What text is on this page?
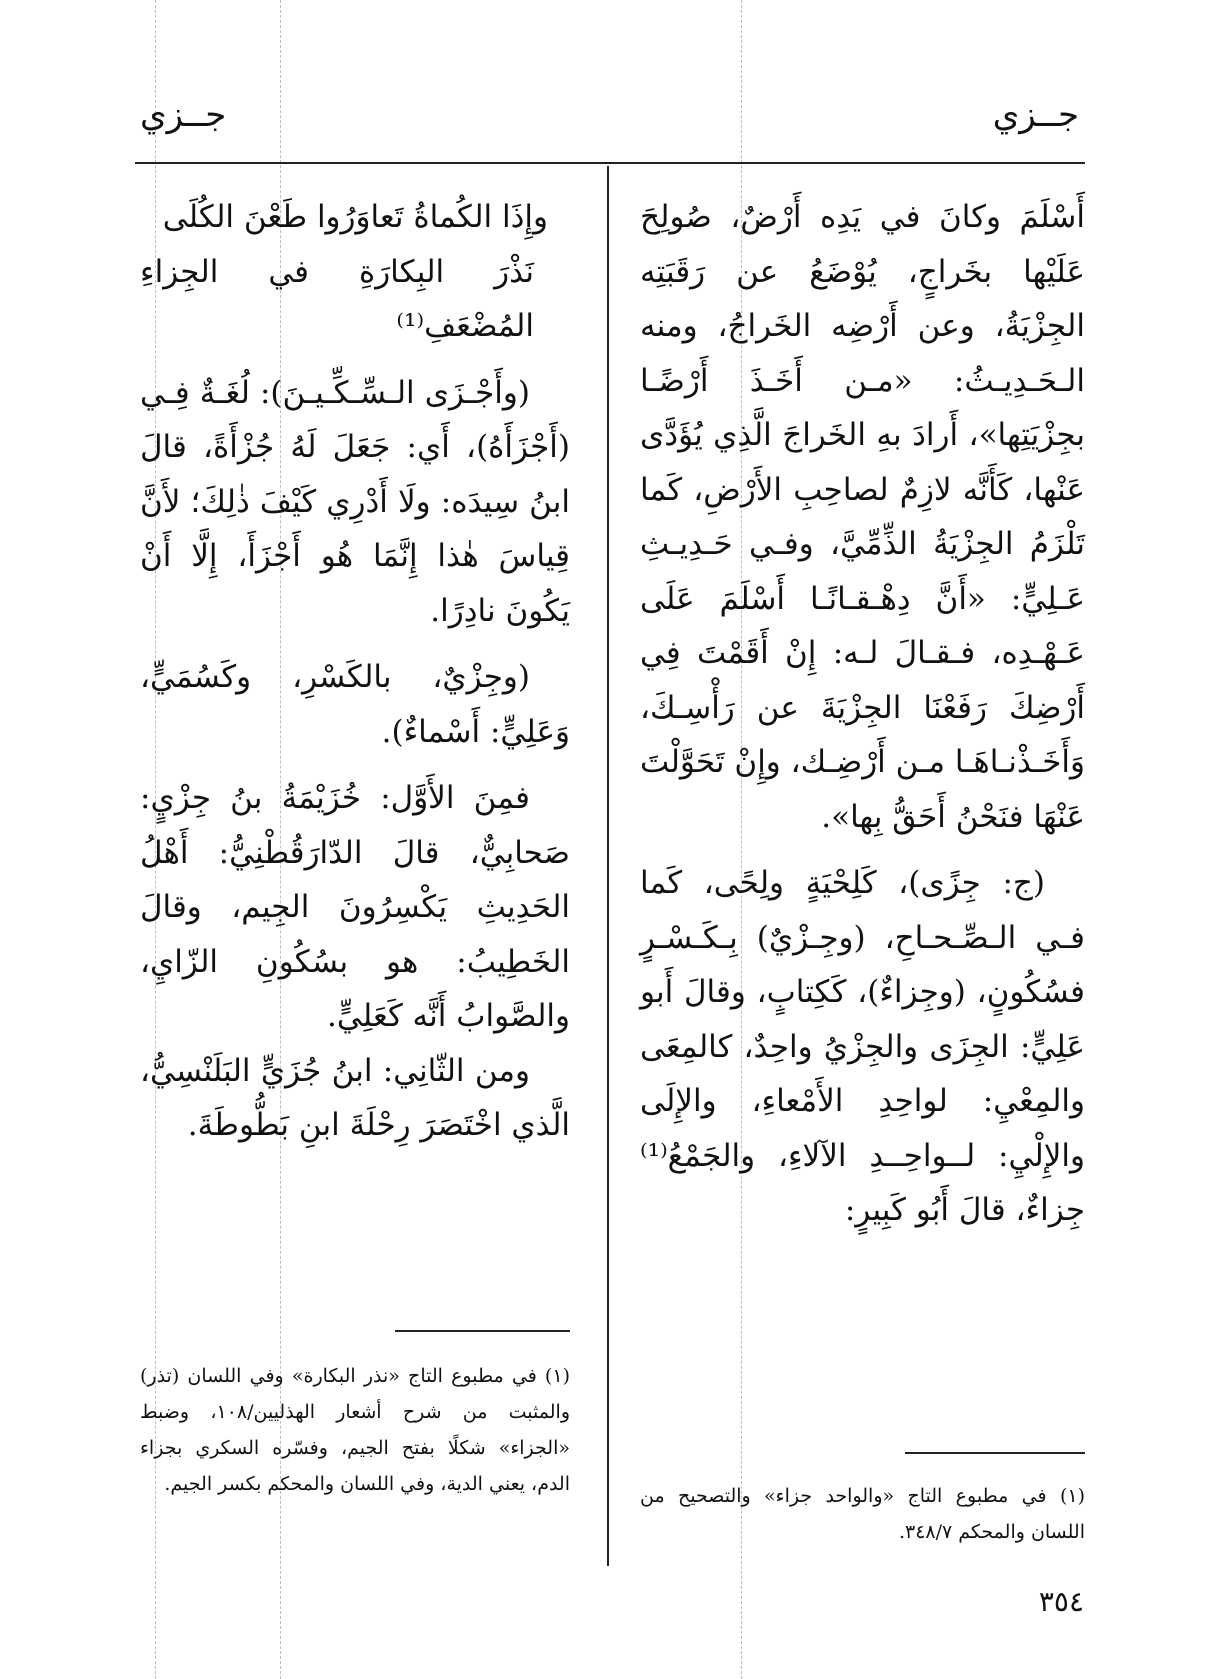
جــزي
جــزي

أَسْلَمَ وكانَ في يَدِه أَرْضٌ، صُولِحَ عَلَيْها بخَراجٍ، يُوْضَعُ عن رَقَبَتِه الجِزْيَةُ، وعن أَرْضِه الخَراجُ، ومنه الـحَـدِيـثُ: «مـن أَخَـذَ أَرْضًـا بجِزْيَتِها»، أَرادَ بهِ الخَراجَ الَّذِي يُؤَدَّى عَنْها، كَأَنَّه لازِمٌ لصاحِبِ الأَرْضِ، كَما تَلْزَمُ الجِزْيَةُ الذِّمِّيَّ، وفـي حَـدِيـثِ عَـلِيٍّ: «أَنَّ دِهْـقـانًـا أَسْلَمَ عَلَى عَـهْـدِه، فـقـالَ لـه: إِنْ أَقَمْتَ فِي أَرْضِكَ رَفَعْنَا الجِزْيَةَ عن رَأْسِـكَ، وَأَخَـذْنـاهَـا مـن أَرْضِـك، وإِنْ تَحَوَّلْتَ عَنْهَا فنَحْنُ أَحَقُّ بِها».

(ج: جِزًى)، كَلِحْيَةٍ ولِحًى، كَما فـي الـصِّـحـاحِ، (وجِـزْيٌ) بِـكَـسْـرٍ فسُكُونٍ، (وجِزاءٌ)، كَكِتابٍ، وقالَ أَبو عَلِيٍّ: الجِزَى والجِزْيُ واحِدٌ، كالمِعَى والمِعْيِ: لواحِدِ الأَمْعاءِ، والإِلَى والإِلْيِ: لــواحِــدِ الآلاءِ، والجَمْعُ⁽¹⁾ جِزاءٌ، قالَ أَبُو كَبِيرٍ:

وإِذَا الكُماةُ تَعاوَرُوا طَعْنَ الكُلَى

نَذْرَ البِكارَةِ في الجِزاءِ المُضْعَفِ⁽¹⁾

(وأَجْـزَى الـسِّـكِّـيـنَ): لُغَـةٌ فِـي (أَجْزَأَهُ)، أَي: جَعَلَ لَهُ جُزْأَةً، قالَ ابنُ سِيدَه: ولَا أَدْرِي كَيْفَ ذٰلِكَ؛ لأَنَّ قِياسَ هٰذا إِنَّمَا هُو أَجْزَأَ، إِلَّا أَنْ يَكُونَ نادِرًا.

(وجِزْيٌ، بالكَسْرِ، وكَسُمَيٍّ، وَعَلِيٍّ: أَسْماءٌ).

فمِنَ الأَوَّل: خُزَيْمَةُ بنُ جِزْيٍ: صَحابِيٌّ، قالَ الدّارَقُطْنِيُّ: أَهْلُ الحَدِيثِ يَكْسِرُونَ الجِيم، وقالَ الخَطِيبُ: هو بسُكُونِ الزّايِ، والصَّوابُ أَنَّه كَعَلِيٍّ.

ومن الثّانِي: ابنُ جُزَيٍّ البَلَنْسِيُّ، الَّذي اخْتَصَرَ رِحْلَةَ ابنِ بَطُّوطَةَ.

(١) في مطبوع التاج «والواحد جزاء» والتصحيح من اللسان والمحكم ٣٤٨/٧.

(١) في مطبوع التاج «نذر البكارة» وفي اللسان (تذر) والمثبت من شرح أشعار الهذليين/١٠٨، وضبط «الجزاء» شكلًا بفتح الجيم، وفسّره السكري بجزاء الدم، يعني الدية، وفي اللسان والمحكم بكسر الجيم.

٣٥٤
